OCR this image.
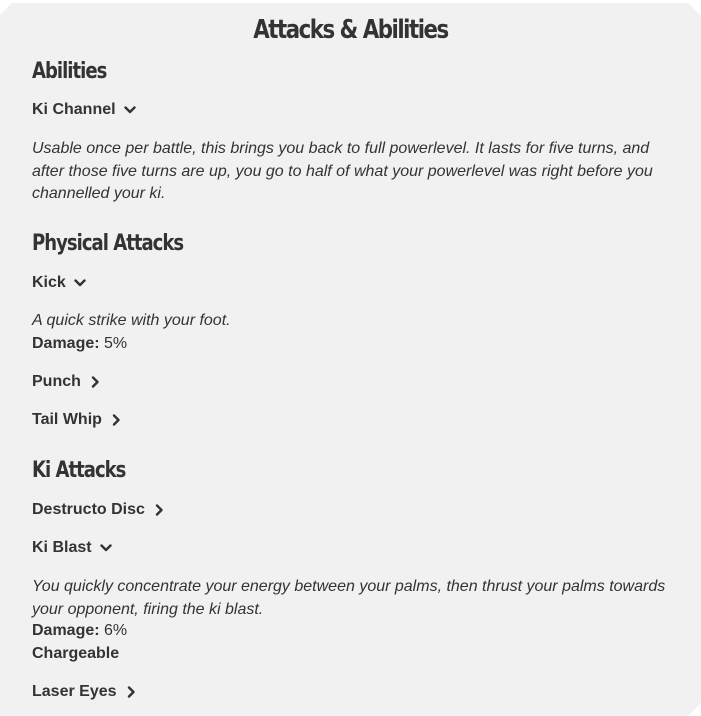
Attacks & Abilities
Abilities
Ki Channel

Usable once per battle, this brings you back to full powerlevel. It lasts for five turns, and after those five turns are up, you go to half of what your powerlevel was right before you channelled your ki.

Physical Attacks
Kick

A quick strike with your foot.

Damage: 5%
Punch
Tail Whip
Ki Attacks
Destructo Disc
Ki Blast

You quickly concentrate your energy between your palms, then thrust your palms towards your opponent, firing the ki blast.

Damage: 6%
Chargeable
Laser Eyes
